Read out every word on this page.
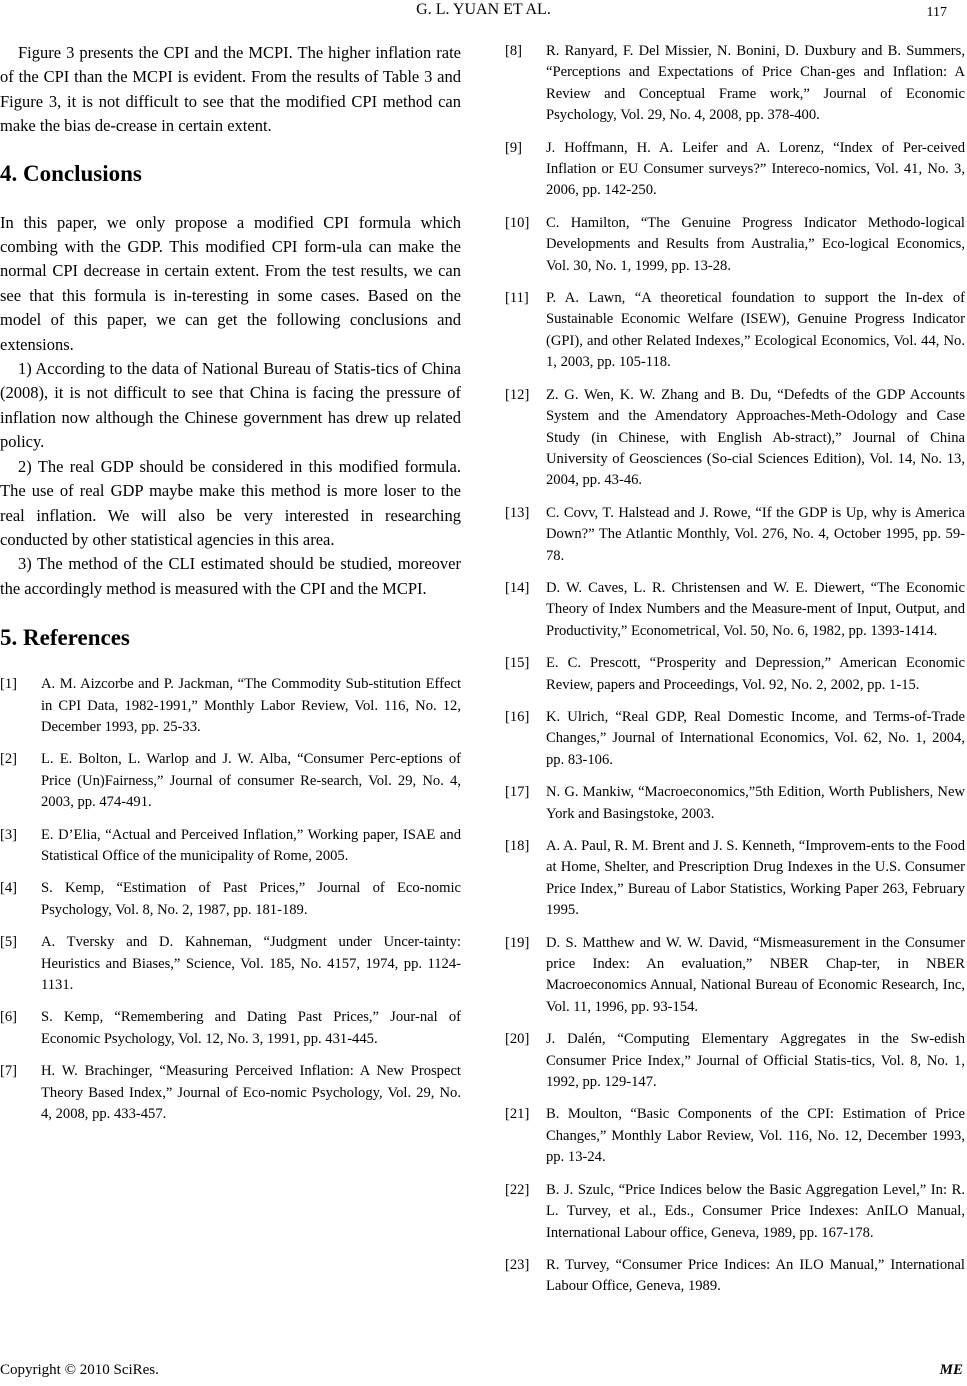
G. L. YUAN ET AL.	117

Figure 3 presents the CPI and the MCPI. The higher inflation rate of the CPI than the MCPI is evident. From the results of Table 3 and Figure 3, it is not difficult to see that the modified CPI method can make the bias de-crease in certain extent.

4. Conclusions

In this paper, we only propose a modified CPI formula which combing with the GDP. This modified CPI form-ula can make the normal CPI decrease in certain extent. From the test results, we can see that this formula is in-teresting in some cases. Based on the model of this paper, we can get the following conclusions and extensions.

1) According to the data of National Bureau of Statis-tics of China (2008), it is not difficult to see that China is facing the pressure of inflation now although the Chinese government has drew up related policy.

2) The real GDP should be considered in this modified formula. The use of real GDP maybe make this method is more loser to the real inflation. We will also be very interested in researching conducted by other statistical agencies in this area.

3) The method of the CLI estimated should be studied, moreover the accordingly method is measured with the CPI and the MCPI.

5. References
[1] A. M. Aizcorbe and P. Jackman, “The Commodity Sub-stitution Effect in CPI Data, 1982-1991,” Monthly Labor Review, Vol. 116, No. 12, December 1993, pp. 25-33.
[2] L. E. Bolton, L. Warlop and J. W. Alba, “Consumer Perc-eptions of Price (Un)Fairness,” Journal of consumer Re-search, Vol. 29, No. 4, 2003, pp. 474-491.
[3] E. D’Elia, “Actual and Perceived Inflation,” Working paper, ISAE and Statistical Office of the municipality of Rome, 2005.
[4] S. Kemp, “Estimation of Past Prices,” Journal of Eco-nomic Psychology, Vol. 8, No. 2, 1987, pp. 181-189.
[5] A. Tversky and D. Kahneman, “Judgment under Uncer-tainty: Heuristics and Biases,” Science, Vol. 185, No. 4157, 1974, pp. 1124-1131.
[6] S. Kemp, “Remembering and Dating Past Prices,” Jour-nal of Economic Psychology, Vol. 12, No. 3, 1991, pp. 431-445.
[7] H. W. Brachinger, “Measuring Perceived Inflation: A New Prospect Theory Based Index,” Journal of Eco-nomic Psychology, Vol. 29, No. 4, 2008, pp. 433-457.
[8] R. Ranyard, F. Del Missier, N. Bonini, D. Duxbury and B. Summers, “Perceptions and Expectations of Price Chan-ges and Inflation: A Review and Conceptual Frame work,” Journal of Economic Psychology, Vol. 29, No. 4, 2008, pp. 378-400.
[9] J. Hoffmann, H. A. Leifer and A. Lorenz, “Index of Per-ceived Inflation or EU Consumer surveys?” Intereco-nomics, Vol. 41, No. 3, 2006, pp. 142-250.
[10] C. Hamilton, “The Genuine Progress Indicator Methodo-logical Developments and Results from Australia,” Eco-logical Economics, Vol. 30, No. 1, 1999, pp. 13-28.
[11] P. A. Lawn, “A theoretical foundation to support the In-dex of Sustainable Economic Welfare (ISEW), Genuine Progress Indicator (GPI), and other Related Indexes,” Ecological Economics, Vol. 44, No. 1, 2003, pp. 105-118.
[12] Z. G. Wen, K. W. Zhang and B. Du, “Defedts of the GDP Accounts System and the Amendatory Approaches-Meth-Odology and Case Study (in Chinese, with English Ab-stract),” Journal of China University of Geosciences (So-cial Sciences Edition), Vol. 14, No. 13, 2004, pp. 43-46.
[13] C. Covv, T. Halstead and J. Rowe, “If the GDP is Up, why is America Down?” The Atlantic Monthly, Vol. 276, No. 4, October 1995, pp. 59-78.
[14] D. W. Caves, L. R. Christensen and W. E. Diewert, “The Economic Theory of Index Numbers and the Measure-ment of Input, Output, and Productivity,” Econometrical, Vol. 50, No. 6, 1982, pp. 1393-1414.
[15] E. C. Prescott, “Prosperity and Depression,” American Economic Review, papers and Proceedings, Vol. 92, No. 2, 2002, pp. 1-15.
[16] K. Ulrich, “Real GDP, Real Domestic Income, and Terms-of-Trade Changes,” Journal of International Economics, Vol. 62, No. 1, 2004, pp. 83-106.
[17] N. G. Mankiw, “Macroeconomics,”5th Edition, Worth Publishers, New York and Basingstoke, 2003.
[18] A. A. Paul, R. M. Brent and J. S. Kenneth, “Improvem-ents to the Food at Home, Shelter, and Prescription Drug Indexes in the U.S. Consumer Price Index,” Bureau of Labor Statistics, Working Paper 263, February 1995.
[19] D. S. Matthew and W. W. David, “Mismeasurement in the Consumer price Index: An evaluation,” NBER Chap-ter, in NBER Macroeconomics Annual, National Bureau of Economic Research, Inc, Vol. 11, 1996, pp. 93-154.
[20] J. Dalén, “Computing Elementary Aggregates in the Sw-edish Consumer Price Index,” Journal of Official Statis-tics, Vol. 8, No. 1, 1992, pp. 129-147.
[21] B. Moulton, “Basic Components of the CPI: Estimation of Price Changes,” Monthly Labor Review, Vol. 116, No. 12, December 1993, pp. 13-24.
[22] B. J. Szulc, “Price Indices below the Basic Aggregation Level,” In: R. L. Turvey, et al., Eds., Consumer Price Indexes: AnILO Manual, International Labour office, Geneva, 1989, pp. 167-178.
[23] R. Turvey, “Consumer Price Indices: An ILO Manual,” International Labour Office, Geneva, 1989.
Copyright © 2010 SciRes.	ME
